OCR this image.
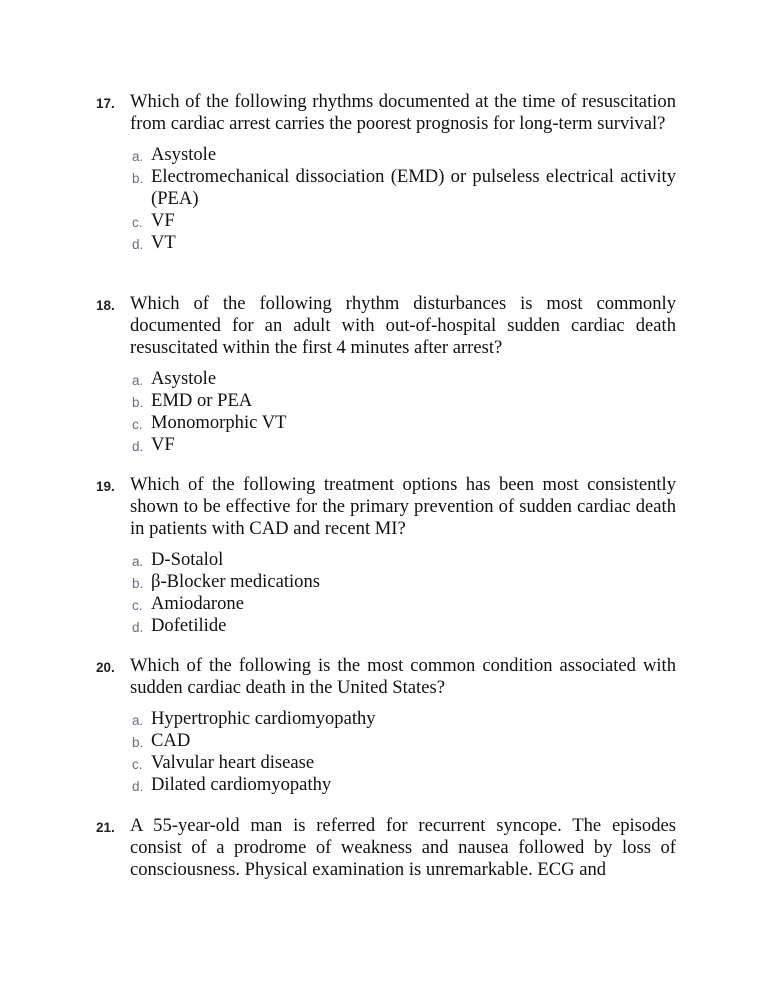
17. Which of the following rhythms documented at the time of resuscitation from cardiac arrest carries the poorest prognosis for long-term survival?
a. Asystole
b. Electromechanical dissociation (EMD) or pulseless electrical activity (PEA)
c. VF
d. VT
18. Which of the following rhythm disturbances is most commonly documented for an adult with out-of-hospital sudden cardiac death resuscitated within the first 4 minutes after arrest?
a. Asystole
b. EMD or PEA
c. Monomorphic VT
d. VF
19. Which of the following treatment options has been most consistently shown to be effective for the primary prevention of sudden cardiac death in patients with CAD and recent MI?
a. D-Sotalol
b. β-Blocker medications
c. Amiodarone
d. Dofetilide
20. Which of the following is the most common condition associated with sudden cardiac death in the United States?
a. Hypertrophic cardiomyopathy
b. CAD
c. Valvular heart disease
d. Dilated cardiomyopathy
21. A 55-year-old man is referred for recurrent syncope. The episodes consist of a prodrome of weakness and nausea followed by loss of consciousness. Physical examination is unremarkable. ECG and
